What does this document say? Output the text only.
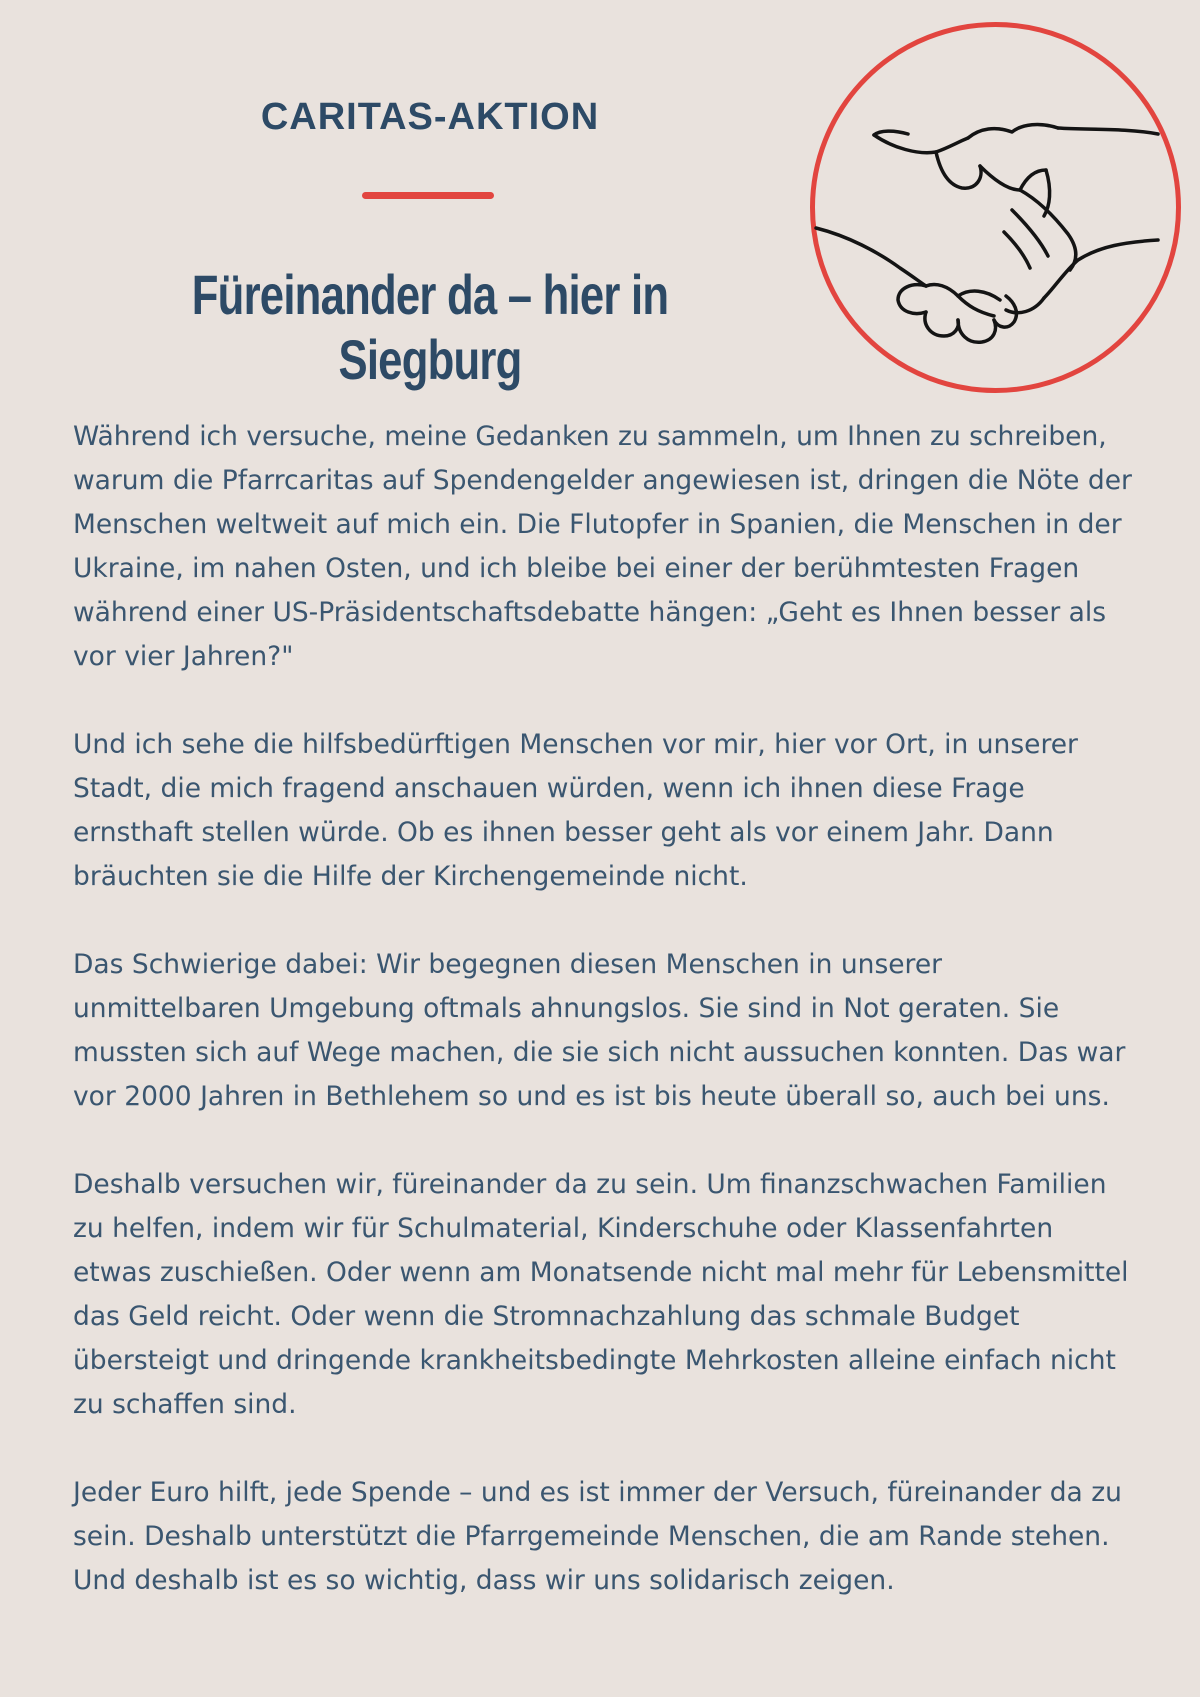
CARITAS-AKTION
Füreinander da – hier in Siegburg

Während ich versuche, meine Gedanken zu sammeln, um Ihnen zu schreiben, warum die Pfarrcaritas auf Spendengelder angewiesen ist, dringen die Nöte der Menschen weltweit auf mich ein. Die Flutopfer in Spanien, die Menschen in der Ukraine, im nahen Osten, und ich bleibe bei einer der berühmtesten Fragen während einer US-Präsidentschaftsdebatte hängen: „Geht es Ihnen besser als vor vier Jahren?"

Und ich sehe die hilfsbedürftigen Menschen vor mir, hier vor Ort, in unserer Stadt, die mich fragend anschauen würden, wenn ich ihnen diese Frage ernsthaft stellen würde. Ob es ihnen besser geht als vor einem Jahr. Dann bräuchten sie die Hilfe der Kirchengemeinde nicht.

Das Schwierige dabei: Wir begegnen diesen Menschen in unserer unmittelbaren Umgebung oftmals ahnungslos. Sie sind in Not geraten. Sie mussten sich auf Wege machen, die sie sich nicht aussuchen konnten. Das war vor 2000 Jahren in Bethlehem so und es ist bis heute überall so, auch bei uns.

Deshalb versuchen wir, füreinander da zu sein. Um finanzschwachen Familien zu helfen, indem wir für Schulmaterial, Kinderschuhe oder Klassenfahrten etwas zuschießen. Oder wenn am Monatsende nicht mal mehr für Lebensmittel das Geld reicht. Oder wenn die Stromnachzahlung das schmale Budget übersteigt und dringende krankheitsbedingte Mehrkosten alleine einfach nicht zu schaffen sind.

Jeder Euro hilft, jede Spende – und es ist immer der Versuch, füreinander da zu sein. Deshalb unterstützt die Pfarrgemeinde Menschen, die am Rande stehen. Und deshalb ist es so wichtig, dass wir uns solidarisch zeigen.
